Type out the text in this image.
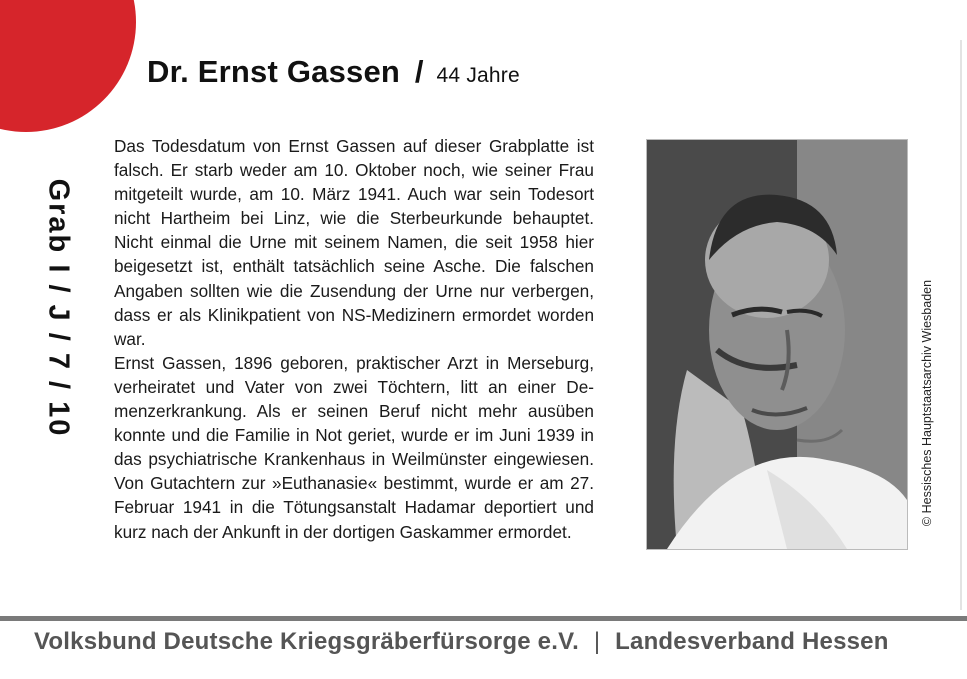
Dr. Ernst Gassen / 44 Jahre
Grab I / J / 7 / 10

Das Todesdatum von Ernst Gassen auf dieser Grabplatte ist falsch. Er starb weder am 10. Oktober noch, wie seiner Frau mitgeteilt wurde, am 10. März 1941. Auch war sein Todesort nicht Hartheim bei Linz, wie die Sterbeurkunde behauptet. Nicht einmal die Urne mit seinem Namen, die seit 1958 hier beigesetzt ist, enthält tatsächlich seine Asche. Die falschen Angaben sollten wie die Zusendung der Urne nur verbergen, dass er als Klinikpatient von NS-Medizinern ermordet worden war.

Ernst Gassen, 1896 geboren, praktischer Arzt in Merseburg, verheiratet und Vater von zwei Töchtern, litt an einer Demenzerkrankung. Als er seinen Beruf nicht mehr ausüben konnte und die Familie in Not geriet, wurde er im Juni 1939 in das psychiatrische Krankenhaus in Weilmünster eingewiesen. Von Gutachtern zur »Euthanasie« bestimmt, wurde er am 27. Februar 1941 in die Tötungsanstalt Hadamar deportiert und kurz nach der Ankunft in der dortigen Gaskammer ermordet.

© Hessisches Hauptstaatsarchiv Wiesbaden
Volksbund Deutsche Kriegsgräberfürsorge e.V. | Landesverband Hessen
